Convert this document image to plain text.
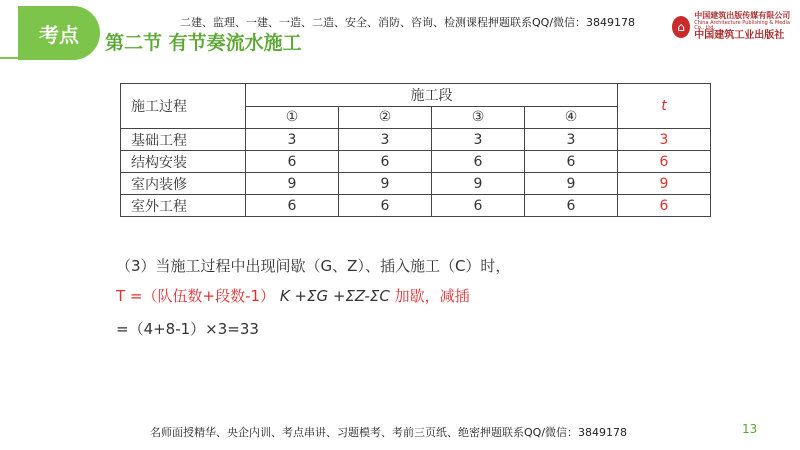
考点 第二节 有节奏流水施工
二建、监理、一建、一造、二造、安全、消防、咨询、检测课程押题联系QQ/微信：3849178	⌂
中国建筑出版传媒有限公司
China Architecture Publishing & Media Co., Ltd.
中国建筑工业出版社
施工过程	施工段				t
	①	②	③	④	
基础工程	3	3	3	3	3
结构安装	6	6	6	6	6
室内装修	9	9	9	9	9
室外工程	6	6	6	6	6
（3）当施工过程中出现间歇（G、Z）、插入施工（C）时，
T =（队伍数+段数-1） K +ΣG +ΣZ-ΣC 加歇，减插
=（4+8-1）×3=33
名师面授精华、央企内训、考点串讲、习题模考、考前三页纸、绝密押题联系QQ/微信：3849178	13
